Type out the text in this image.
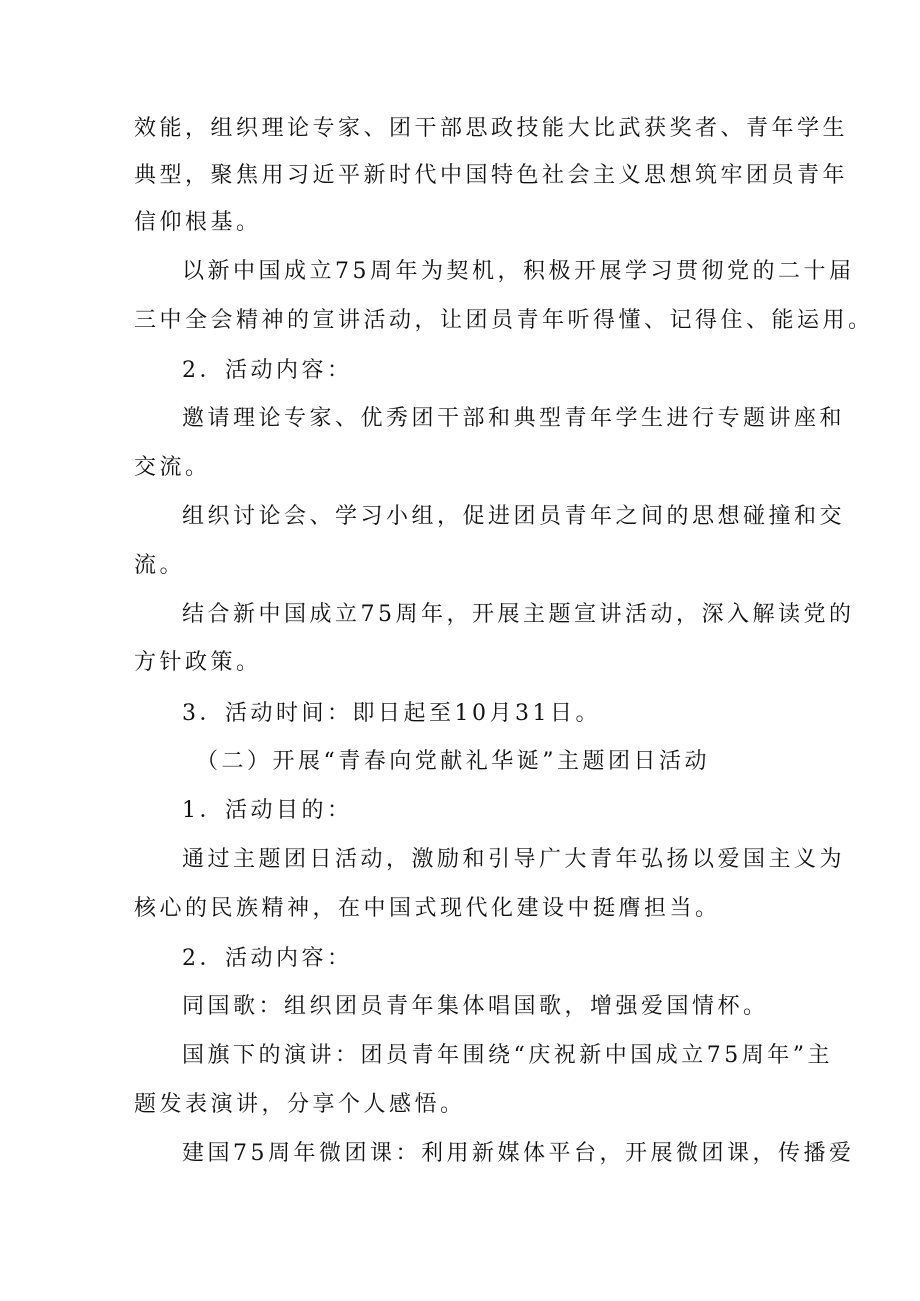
效能，组织理论专家、团干部思政技能大比武获奖者、青年学生

典型，聚焦用习近平新时代中国特色社会主义思想筑牢团员青年

信仰根基。

以新中国成立75周年为契机，积极开展学习贯彻党的二十届

三中全会精神的宣讲活动，让团员青年听得懂、记得住、能运用。

2．活动内容：

邀请理论专家、优秀团干部和典型青年学生进行专题讲座和

交流。

组织讨论会、学习小组，促进团员青年之间的思想碰撞和交

流。

结合新中国成立75周年，开展主题宣讲活动，深入解读党的

方针政策。

3．活动时间：即日起至10月31日。

（二）开展“青春向党献礼华诞”主题团日活动

1．活动目的：

通过主题团日活动，激励和引导广大青年弘扬以爱国主义为

核心的民族精神，在中国式现代化建设中挺膺担当。

2．活动内容：

同国歌：组织团员青年集体唱国歌，增强爱国情杯。

国旗下的演讲：团员青年围绕“庆祝新中国成立75周年”主

题发表演讲，分享个人感悟。

建国75周年微团课：利用新媒体平台，开展微团课，传播爱
